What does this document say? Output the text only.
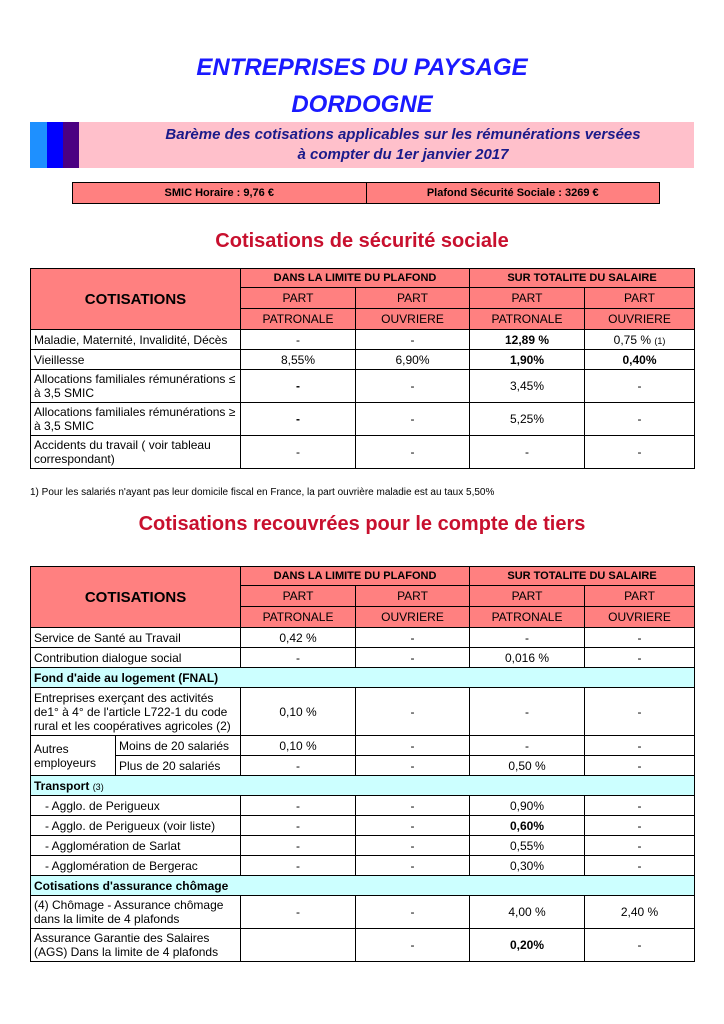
ENTREPRISES DU PAYSAGE
DORDOGNE
Barème des cotisations applicables sur les rémunérations versées
à compter du 1er janvier 2017
SMIC Horaire : 9,76 €	Plafond Sécurité Sociale : 3269 €
Cotisations de sécurité sociale
COTISATIONS	DANS LA LIMITE DU PLAFOND		SUR TOTALITE DU SALAIRE	
	PART	PART	PART	PART
	PATRONALE	OUVRIERE	PATRONALE	OUVRIERE
Maladie, Maternité, Invalidité, Décès	-	-	12,89 %	0,75 % (1)
Vieillesse	8,55%	6,90%	1,90%	0,40%
Allocations familiales rémunérations ≤ à 3,5 SMIC	-	-	3,45%	-
Allocations familiales rémunérations ≥ à 3,5 SMIC	-	-	5,25%	-
Accidents du travail ( voir tableau correspondant)	-	-	-	-
1) Pour les salariés n'ayant pas leur domicile fiscal en France, la part ouvrière maladie est au taux 5,50%
Cotisations recouvrées pour le compte de tiers
COTISATIONS		DANS LA LIMITE DU PLAFOND		SUR TOTALITE DU SALAIRE	
		PART	PART	PART	PART
		PATRONALE	OUVRIERE	PATRONALE	OUVRIERE
Service de Santé au Travail		0,42 %	-	-	-
Contribution dialogue social		-	-	0,016 %	-
Fond d'aide au logement (FNAL)					
Entreprises exerçant des activités de1° à 4° de l'article L722-1 du code rural et les coopératives agricoles (2)		0,10 %	-	-	-
Autres employeurs	Moins de 20 salariés	0,10 %	-	-	-
	Plus de 20 salariés	-	-	0,50 %	-
Transport (3)					
- Agglo. de Perigueux		-	-	0,90%	-
- Agglo. de Perigueux (voir liste)		-	-	0,60%	-
- Agglomération de Sarlat		-	-	0,55%	-
- Agglomération de Bergerac		-	-	0,30%	-
Cotisations d'assurance chômage					
(4) Chômage - Assurance chômage dans la limite de 4 plafonds		-	-	4,00 %	2,40 %
Assurance Garantie des Salaires (AGS) Dans la limite de 4 plafonds			-	0,20%	-
